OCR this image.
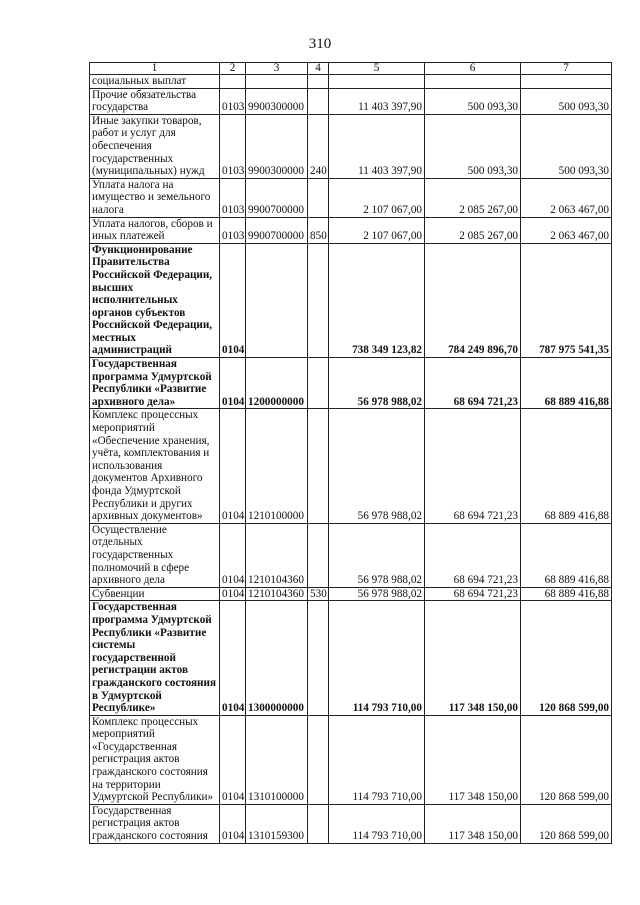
310
1	2	3	4	5	6	7
социальных выплат						
Прочие обязательства государства	0103	9900300000		11 403 397,90	500 093,30	500 093,30
Иные закупки товаров, работ и услуг для обеспечения государственных (муниципальных) нужд	0103	9900300000	240	11 403 397,90	500 093,30	500 093,30
Уплата налога на имущество и земельного налога	0103	9900700000		2 107 067,00	2 085 267,00	2 063 467,00
Уплата налогов, сборов и иных платежей	0103	9900700000	850	2 107 067,00	2 085 267,00	2 063 467,00
Функционирование Правительства Российской Федерации, высших исполнительных органов субъектов Российской Федерации, местных администраций	0104			738 349 123,82	784 249 896,70	787 975 541,35
Государственная программа Удмуртской Республики «Развитие архивного дела»	0104	1200000000		56 978 988,02	68 694 721,23	68 889 416,88
Комплекс процессных мероприятий «Обеспечение хранения, учёта, комплектования и использования документов Архивного фонда Удмуртской Республики и других архивных документов»	0104	1210100000		56 978 988,02	68 694 721,23	68 889 416,88
Осуществление отдельных государственных полномочий в сфере архивного дела	0104	1210104360		56 978 988,02	68 694 721,23	68 889 416,88
Субвенции	0104	1210104360	530	56 978 988,02	68 694 721,23	68 889 416,88
Государственная программа Удмуртской Республики «Развитие системы государственной регистрации актов гражданского состояния в Удмуртской Республике»	0104	1300000000		114 793 710,00	117 348 150,00	120 868 599,00
Комплекс процессных мероприятий «Государственная регистрация актов гражданского состояния на территории Удмуртской Республики»	0104	1310100000		114 793 710,00	117 348 150,00	120 868 599,00
Государственная регистрация актов гражданского состояния	0104	1310159300		114 793 710,00	117 348 150,00	120 868 599,00
